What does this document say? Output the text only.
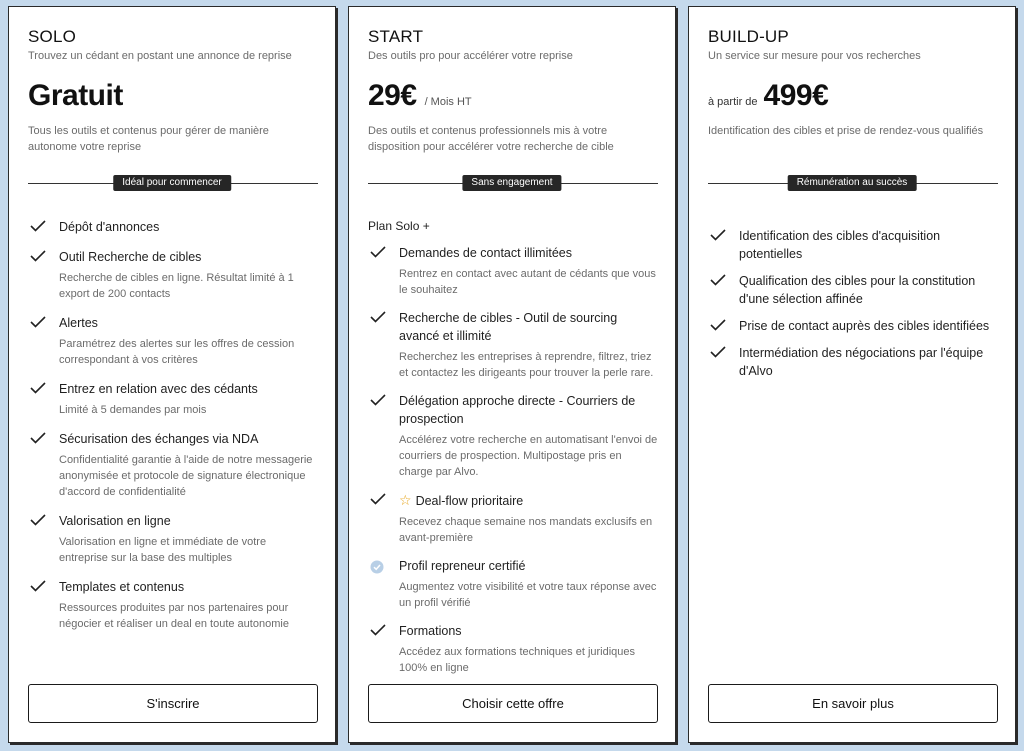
SOLO
Trouvez un cédant en postant une annonce de reprise
Gratuit
Tous les outils et contenus pour gérer de manière autonome votre reprise
Idéal pour commencer
Dépôt d'annonces
Outil Recherche de cibles
Recherche de cibles en ligne. Résultat limité à 1 export de 200 contacts
Alertes
Paramétrez des alertes sur les offres de cession correspondant à vos critères
Entrez en relation avec des cédants
Limité à 5 demandes par mois
Sécurisation des échanges via NDA
Confidentialité garantie à l'aide de notre messagerie anonymisée et protocole de signature électronique d'accord de confidentialité
Valorisation en ligne
Valorisation en ligne et immédiate de votre entreprise sur la base des multiples
Templates et contenus
Ressources produites par nos partenaires pour négocier et réaliser un deal en toute autonomie
S'inscrire
START
Des outils pro pour accélérer votre reprise
29€ / Mois HT
Des outils et contenus professionnels mis à votre disposition pour accélérer votre recherche de cible
Sans engagement
Plan Solo +
Demandes de contact illimitées
Rentrez en contact avec autant de cédants que vous le souhaitez
Recherche de cibles - Outil de sourcing avancé et illimité
Recherchez les entreprises à reprendre, filtrez, triez et contactez les dirigeants pour trouver la perle rare.
Délégation approche directe - Courriers de prospection
Accélérez votre recherche en automatisant l'envoi de courriers de prospection. Multipostage pris en charge par Alvo.
☆ Deal-flow prioritaire
Recevez chaque semaine nos mandats exclusifs en avant-première
Profil repreneur certifié
Augmentez votre visibilité et votre taux réponse avec un profil vérifié
Formations
Accédez aux formations techniques et juridiques 100% en ligne
Choisir cette offre
BUILD-UP
Un service sur mesure pour vos recherches
à partir de 499€
Identification des cibles et prise de rendez-vous qualifiés
Rémunération au succès
Identification des cibles d'acquisition potentielles
Qualification des cibles pour la constitution d'une sélection affinée
Prise de contact auprès des cibles identifiées
Intermédiation des négociations par l'équipe d'Alvo
En savoir plus
